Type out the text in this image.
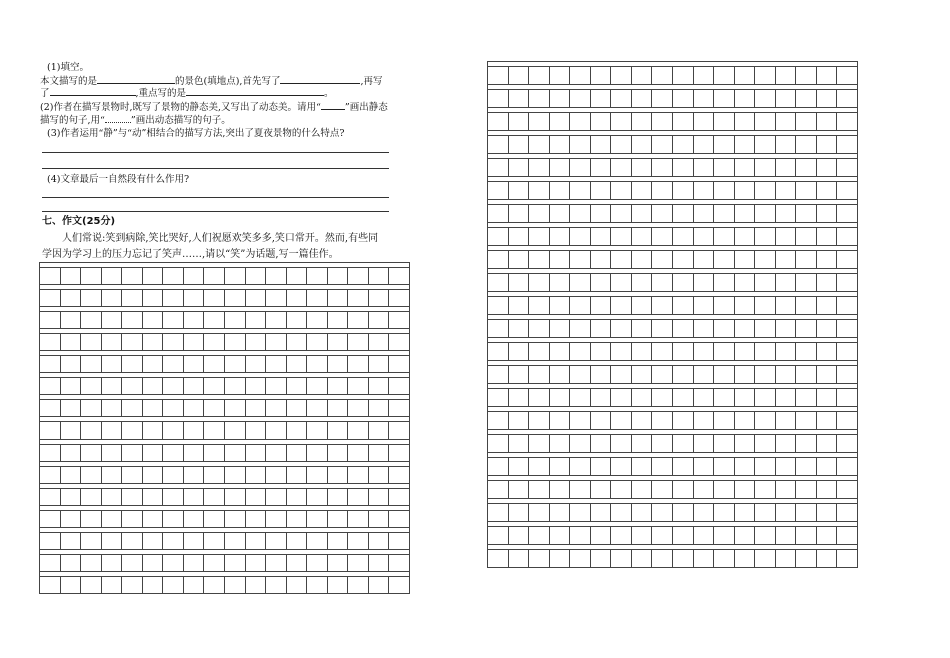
(1)填空。
本文描写的是	的景色(填地点),首先写了	,再写
了	,重点写的是	。
(2)作者在描写景物时,既写了景物的静态美,又写出了动态美。请用“	”画出静态
描写的句子,用“	”画出动态描写的句子。
(3)作者运用“静”与“动”相结合的描写方法,突出了夏夜景物的什么特点?
(4)文章最后一自然段有什么作用?
七、作文(25分)
人们常说:笑到病除,笑比哭好,人们祝愿欢笑多多,笑口常开。然而,有些同
学因为学习上的压力忘记了笑声……,请以“笑”为话题,写一篇佳作。
